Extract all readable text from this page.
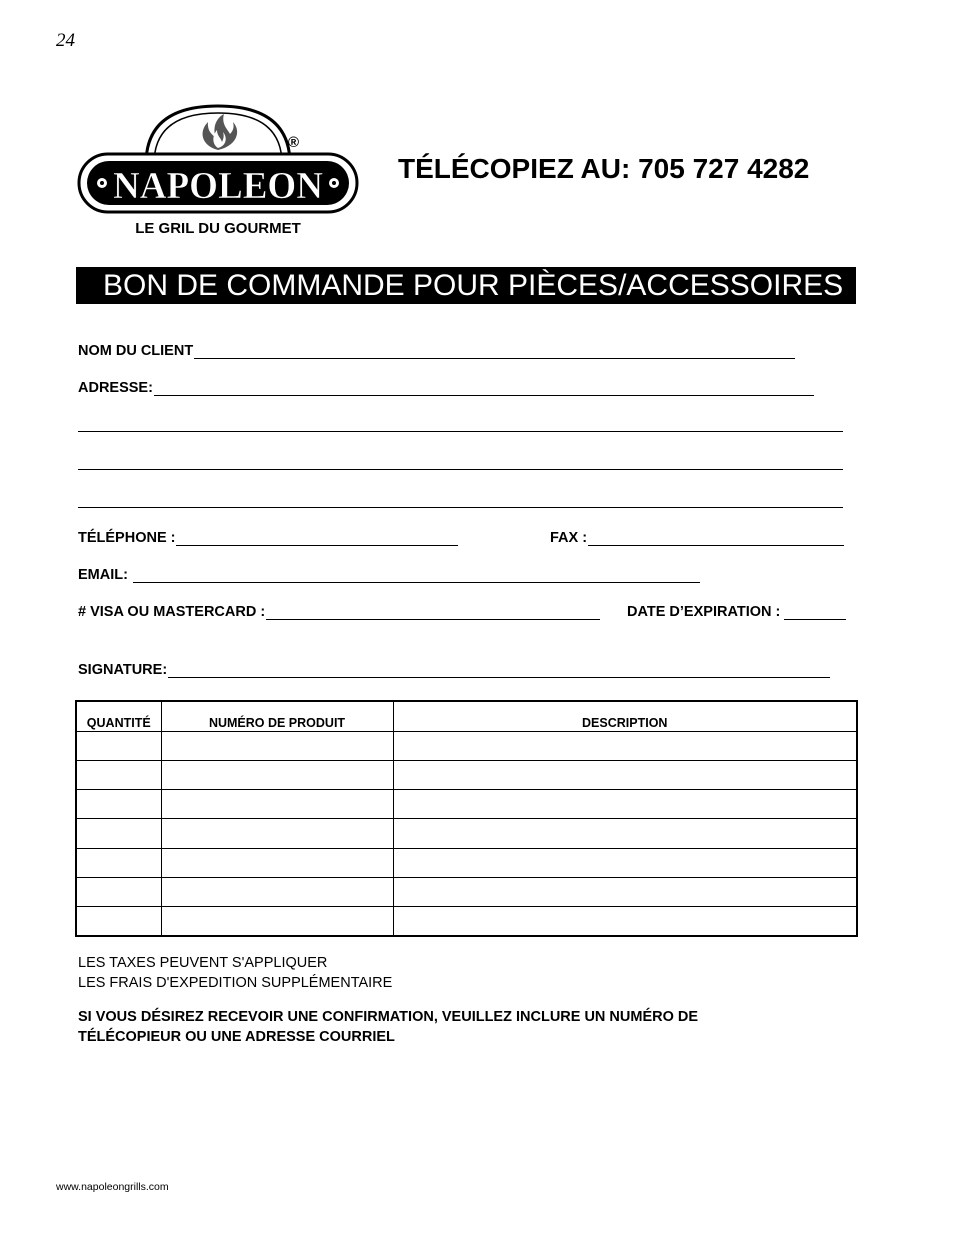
24
®
NAPOLEON
LE GRIL DU GOURMET
TÉLÉCOPIEZ AU: 705 727 4282
BON DE COMMANDE POUR PIÈCES/ACCESSOIRES
NOM DU CLIENT
ADRESSE:
TÉLÉPHONE :	FAX :
EMAIL:
# VISA OU MASTERCARD :	DATE D’EXPIRATION :
SIGNATURE:
QUANTITÉ	NUMÉRO DE PRODUIT	DESCRIPTION

LES TAXES PEUVENT S'APPLIQUER
LES FRAIS D'EXPEDITION SUPPLÉMENTAIRE
SI VOUS DÉSIREZ RECEVOIR UNE CONFIRMATION, VEUILLEZ INCLURE UN NUMÉRO DE
TÉLÉCOPIEUR OU UNE ADRESSE COURRIEL
www.napoleongrills.com
